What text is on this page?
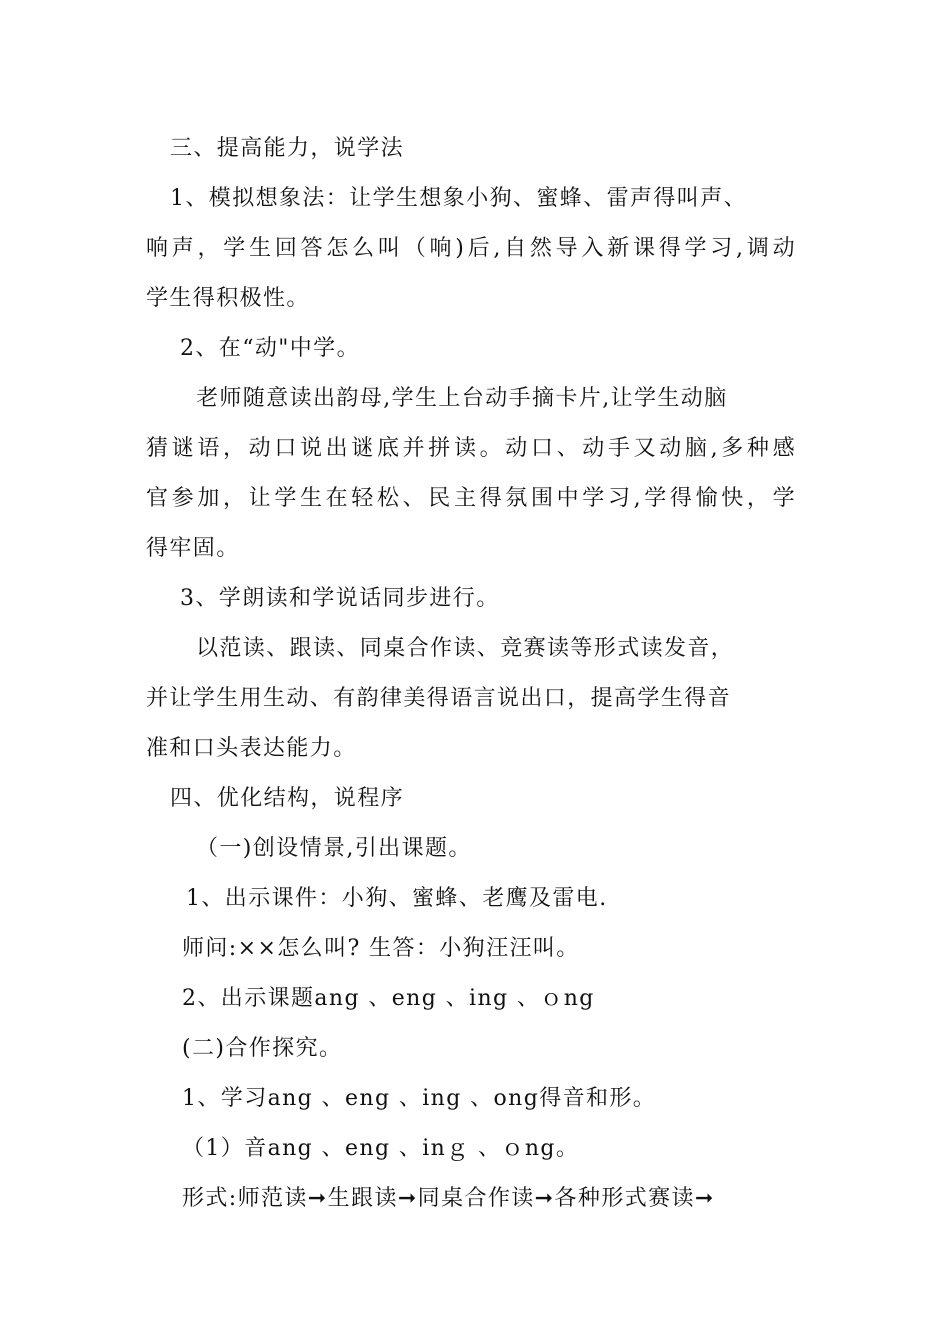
三、提高能力，说学法
1、模拟想象法：让学生想象小狗、蜜蜂、雷声得叫声、
响声，学生回答怎么叫（响)后,自然导入新课得学习,调动
学生得积极性。
2、在“动"中学。
老师随意读出韵母,学生上台动手摘卡片,让学生动脑
猜谜语，动口说出谜底并拼读。动口、动手又动脑,多种感
官参加，让学生在轻松、民主得氛围中学习,学得愉快，学
得牢固。
3、学朗读和学说话同步进行。
以范读、跟读、同桌合作读、竞赛读等形式读发音，
并让学生用生动、有韵律美得语言说出口，提高学生得音
准和口头表达能力。
四、优化结构，说程序
（一)创设情景,引出课题。
1、出示课件：小狗、蜜蜂、老鹰及雷电.
师问:××怎么叫? 生答：小狗汪汪叫。
2、出示课题ang 、eng 、ing 、ｏng
(二)合作探究。
1、学习ang 、eng 、ing 、ong得音和形。
（1）音ang 、eng 、inｇ 、ｏng。
形式:师范读➞生跟读➞同桌合作读➞各种形式赛读➞
